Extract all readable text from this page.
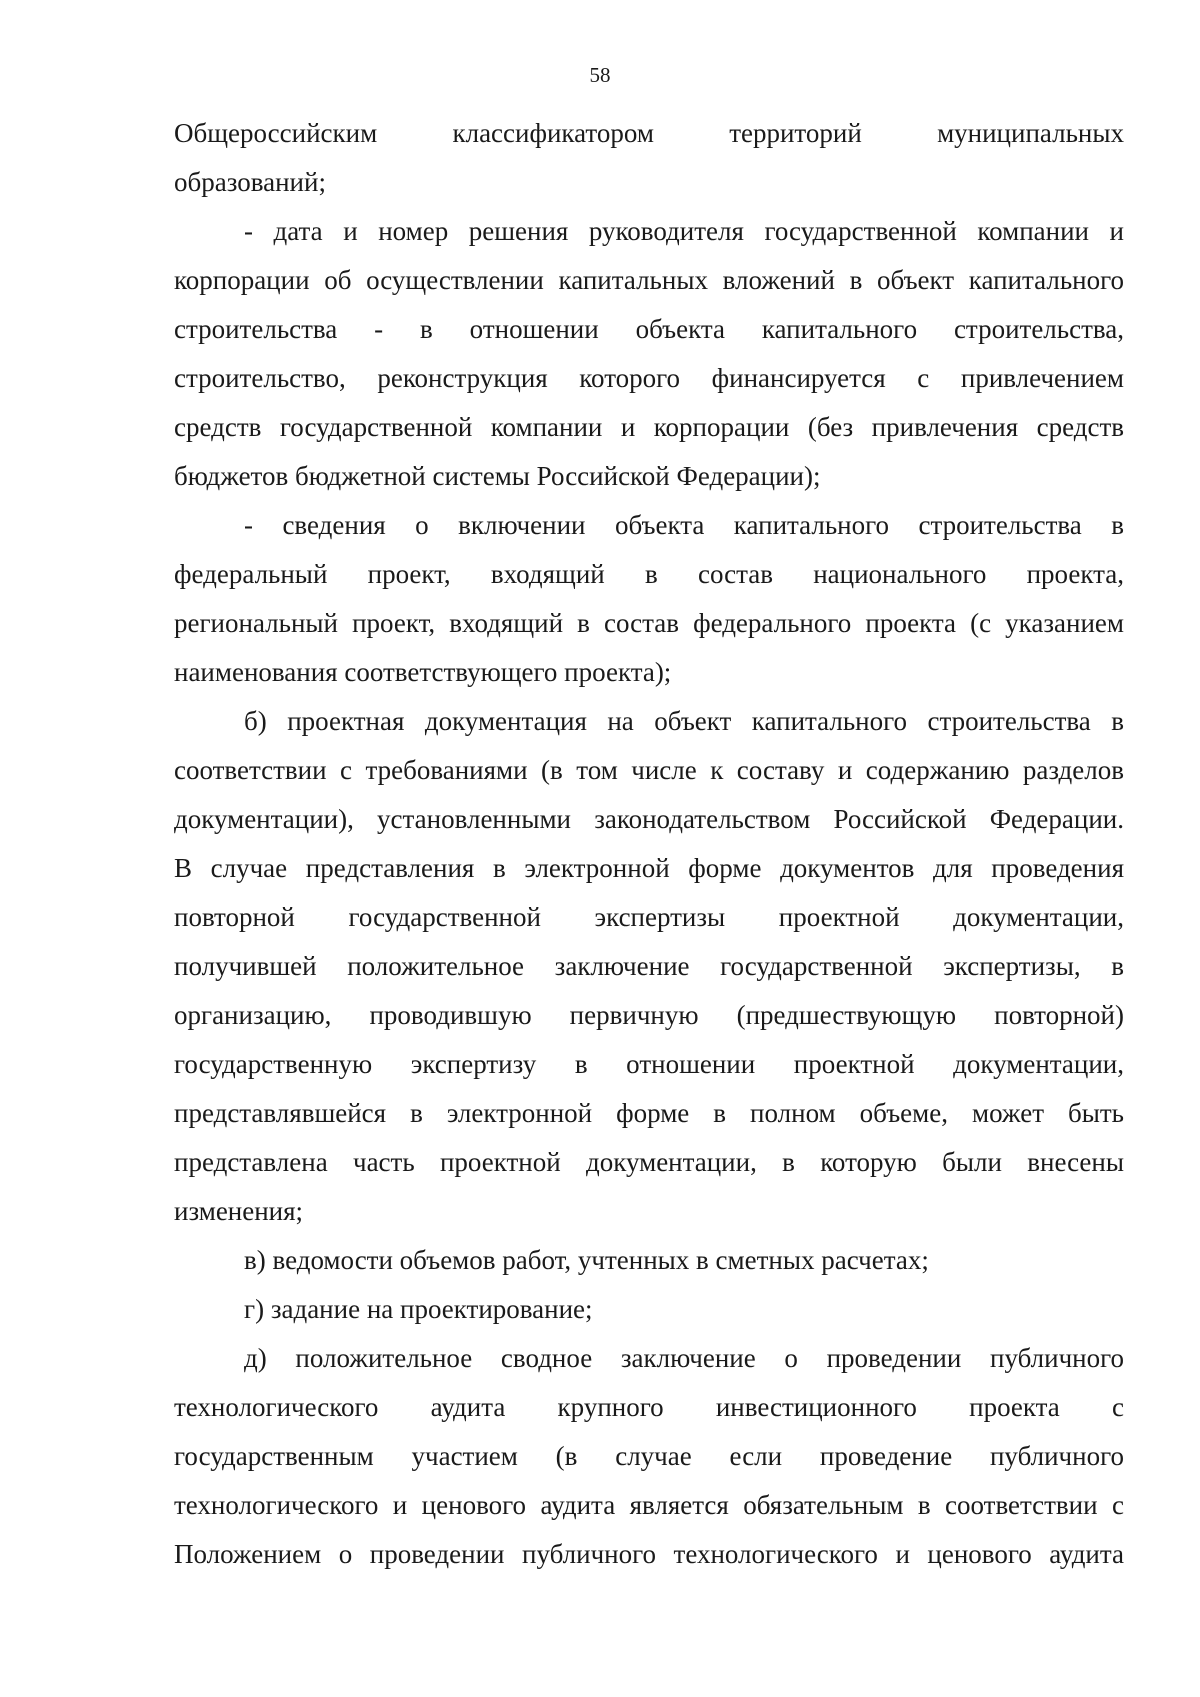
58
Общероссийским классификатором территорий муниципальных
образований;
- дата и номер решения руководителя государственной компании и
корпорации об осуществлении капитальных вложений в объект капитального
строительства - в отношении объекта капитального строительства,
строительство, реконструкция которого финансируется с привлечением
средств государственной компании и корпорации (без привлечения средств
бюджетов бюджетной системы Российской Федерации);
- сведения о включении объекта капитального строительства в
федеральный проект, входящий в состав национального проекта,
региональный проект, входящий в состав федерального проекта (с указанием
наименования соответствующего проекта);
б) проектная документация на объект капитального строительства в
соответствии с требованиями (в том числе к составу и содержанию разделов
документации), установленными законодательством Российской Федерации.
В случае представления в электронной форме документов для проведения
повторной государственной экспертизы проектной документации,
получившей положительное заключение государственной экспертизы, в
организацию, проводившую первичную (предшествующую повторной)
государственную экспертизу в отношении проектной документации,
представлявшейся в электронной форме в полном объеме, может быть
представлена часть проектной документации, в которую были внесены
изменения;
в) ведомости объемов работ, учтенных в сметных расчетах;
г) задание на проектирование;
д) положительное сводное заключение о проведении публичного
технологического аудита крупного инвестиционного проекта с
государственным участием (в случае если проведение публичного
технологического и ценового аудита является обязательным в соответствии с
Положением о проведении публичного технологического и ценового аудита
